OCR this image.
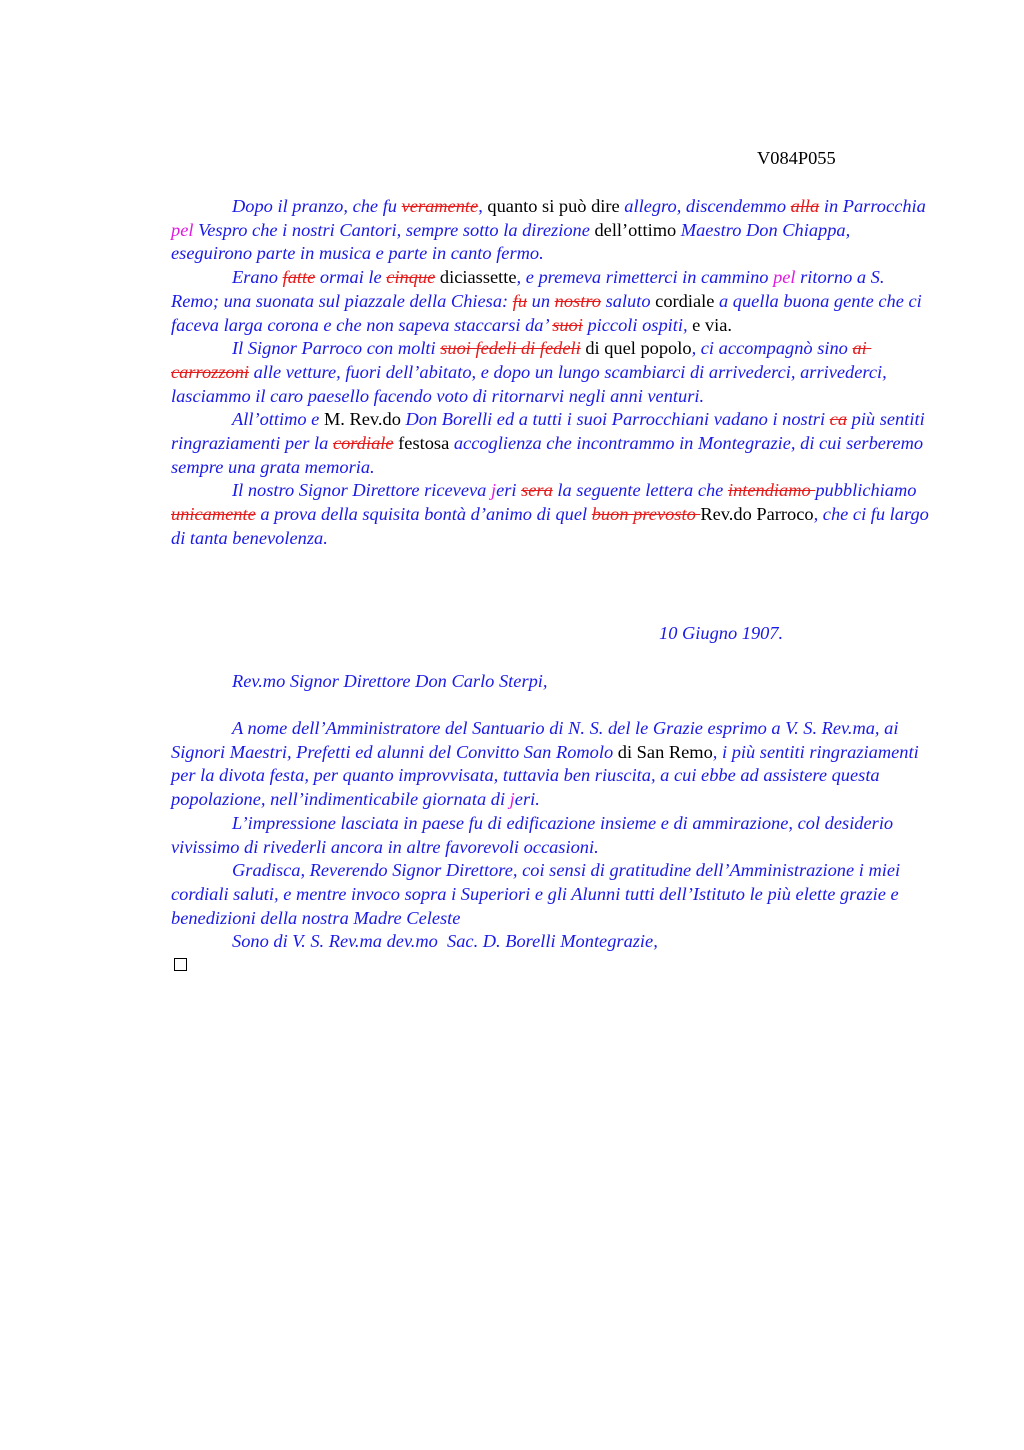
V084P055

Dopo il pranzo, che fu veramente, quanto si può dire allegro, discendemmo alla in Parrocchia pel Vespro che i nostri Cantori, sempre sotto la direzione dell’ottimo Maestro Don Chiappa, eseguirono parte in musica e parte in canto fermo.

Erano fatte ormai le cinque diciassette, e premeva rimetterci in cammino pel ritorno a S. Remo; una suonata sul piazzale della Chiesa: fu un nostro saluto cordiale a quella buona gente che ci faceva larga corona e che non sapeva staccarsi da’ suoi piccoli ospiti, e via.

Il Signor Parroco con molti suoi fedeli di fedeli di quel popolo, ci accompagnò sino ai carrozzoni alle vetture, fuori dell’abitato, e dopo un lungo scambiarci di arrivederci, arrivederci, lasciammo il caro paesello facendo voto di ritornarvi negli anni venturi.

All’ottimo e M. Rev.do Don Borelli ed a tutti i suoi Parrocchiani vadano i nostri ca più sentiti ringraziamenti per la cordiale festosa accoglienza che incontrammo in Montegrazie, di cui serberemo sempre una grata memoria.

Il nostro Signor Direttore riceveva jeri sera la seguente lettera che intendiamo pubblichiamo unicamente a prova della squisita bontà d’animo di quel buon prevosto Rev.do Parroco, che ci fu largo di tanta benevolenza.

10 Giugno 1907.
Rev.mo Signor Direttore Don Carlo Sterpi,

A nome dell’Amministratore del Santuario di N. S. del le Grazie esprimo a V. S. Rev.ma, ai Signori Maestri, Prefetti ed alunni del Convitto San Romolo di San Remo, i più sentiti ringraziamenti per la divota festa, per quanto improvvisata, tuttavia ben riuscita, a cui ebbe ad assistere questa popolazione, nell’indimenticabile giornata di jeri.

L’impressione lasciata in paese fu di edificazione insieme e di ammirazione, col desiderio vivissimo di rivederli ancora in altre favorevoli occasioni.

Gradisca, Reverendo Signor Direttore, coi sensi di gratitudine dell’Amministrazione i miei cordiali saluti, e mentre invoco sopra i Superiori e gli Alunni tutti dell’Istituto le più elette grazie e benedizioni della nostra Madre Celeste

Sono di V. S. Rev.ma dev.mo  Sac. D. Borelli Montegrazie,
